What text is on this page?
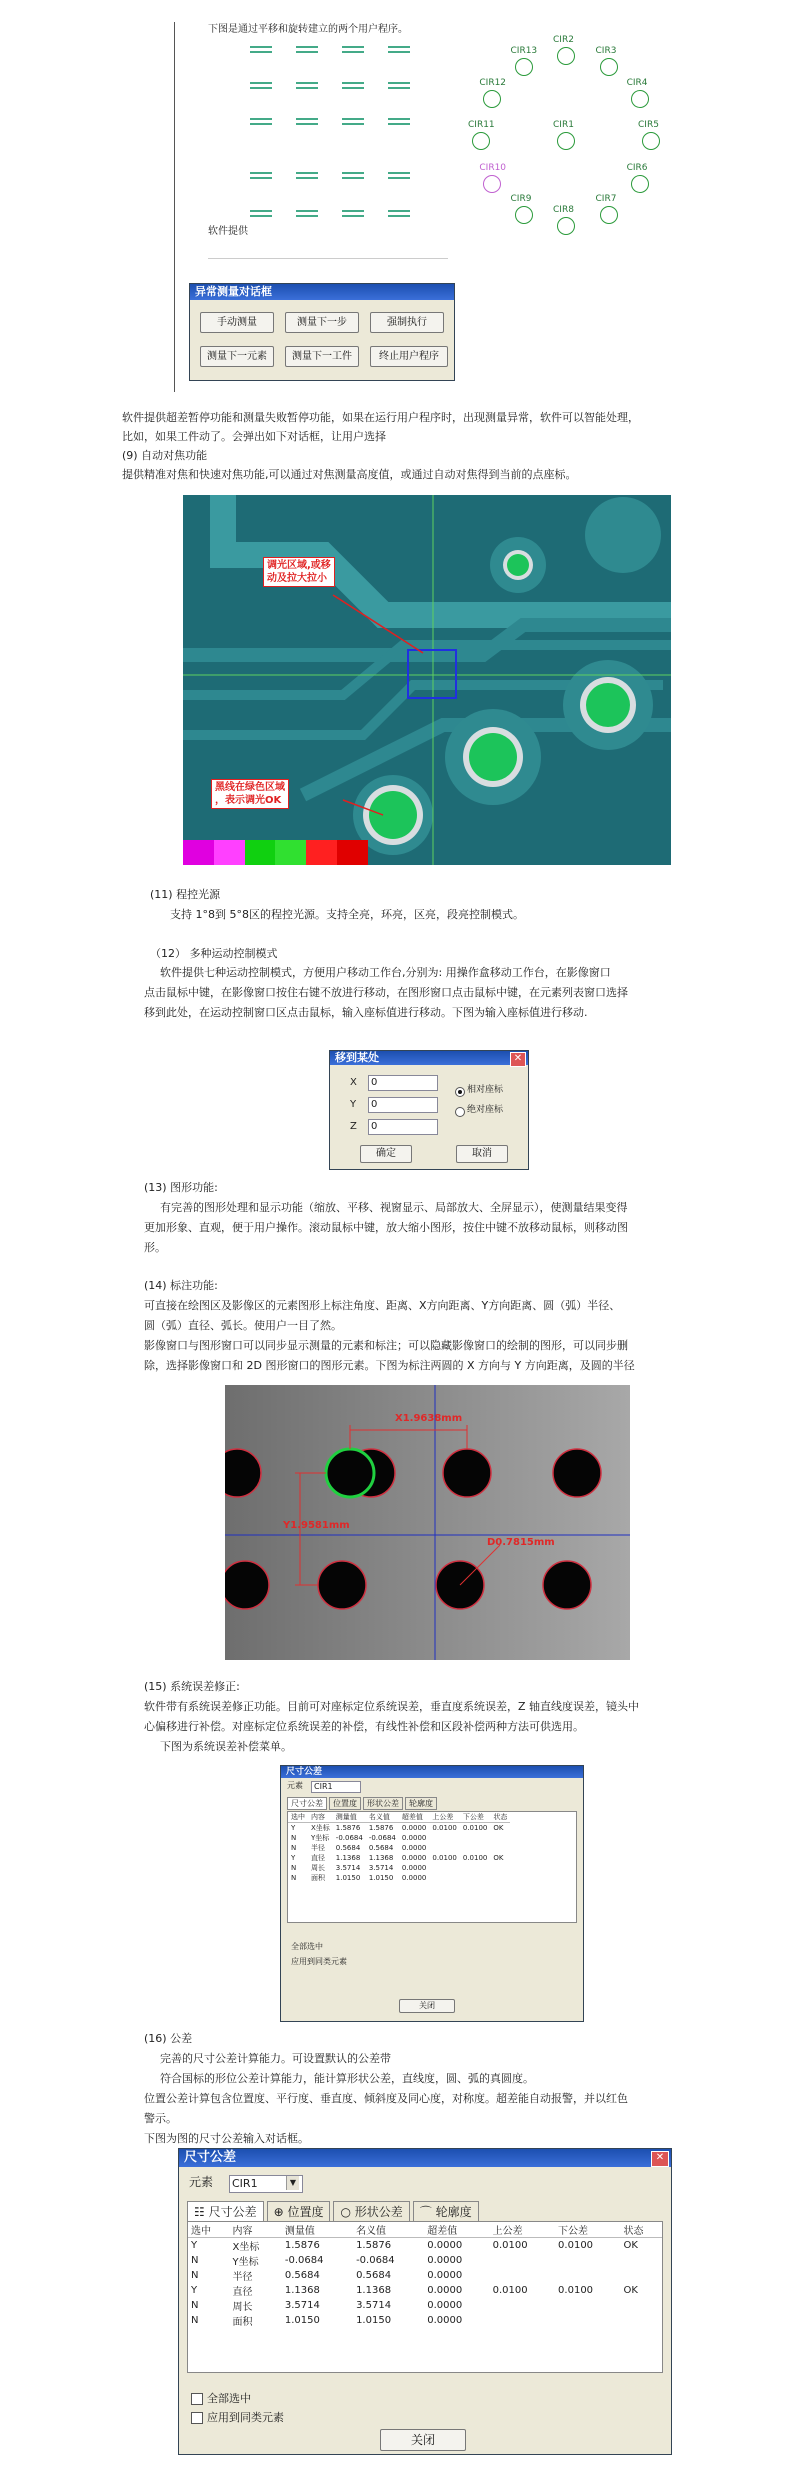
下图是通过平移和旋转建立的两个用户程序。
软件提供
CIR1
CIR2
CIR3
CIR4
CIR5
CIR6
CIR7
CIR8
CIR9
CIR10
CIR11
CIR12
CIR13
异常测量对话框
手动测量	测量下一步	强制执行
测量下一元素	测量下一工件	终止用户程序
软件提供超差暂停功能和测量失败暂停功能，如果在运行用户程序时，出现测量异常，软件可以智能处理，
比如，如果工件动了。会弹出如下对话框，让用户选择
(9) 自动对焦功能
提供精准对焦和快速对焦功能,可以通过对焦测量高度值，或通过自动对焦得到当前的点座标。
调光区域,或移
动及拉大拉小
黑线在绿色区域
，表示调光OK
(11) 程控光源
支持 1°8到 5°8区的程控光源。支持全亮，环亮，区亮，段亮控制模式。
（12） 多种运动控制模式
软件提供七种运动控制模式，方便用户移动工作台,分别为: 用操作盒移动工作台，在影像窗口
点击鼠标中键，在影像窗口按住右键不放进行移动，在图形窗口点击鼠标中键，在元素列表窗口选择
移到此处，在运动控制窗口区点击鼠标，输入座标值进行移动。下图为输入座标值进行移动.
移到某处	✕
X	0
Y	0
Z	0
相对座标
绝对座标
确定	取消
(13) 图形功能:
有完善的图形处理和显示功能（缩放、平移、视窗显示、局部放大、全屏显示），使测量结果变得
更加形象、直观，便于用户操作。滚动鼠标中键，放大缩小图形，按住中键不放移动鼠标，则移动图
形。
(14) 标注功能:
可直接在绘图区及影像区的元素图形上标注角度、距离、X方向距离、Y方向距离、圆（弧）半径、
圆（弧）直径、弧长。使用户一目了然。
影像窗口与图形窗口可以同步显示测量的元素和标注；可以隐藏影像窗口的绘制的图形，可以同步删
除，选择影像窗口和 2D 图形窗口的图形元素。下图为标注两圆的 X 方向与 Y 方向距离，及圆的半径
X1.9638mm
Y1.9581mm
D0.7815mm
(15) 系统误差修正:
软件带有系统误差修正功能。目前可对座标定位系统误差，垂直度系统误差，Z 轴直线度误差，镜头中
心偏移进行补偿。对座标定位系统误差的补偿，有线性补偿和区段补偿两种方法可供选用。
下图为系统误差补偿菜单。
尺寸公差
元素	CIR1
尺寸公差	位置度	形状公差	轮廓度
选中	内容	测量值	名义值	超差值	上公差	下公差	状态
Y	X坐标	1.5876	1.5876	0.0000	0.0100	0.0100	OK
N	Y坐标	-0.0684	-0.0684	0.0000			
N	半径	0.5684	0.5684	0.0000			
Y	直径	1.1368	1.1368	0.0000	0.0100	0.0100	OK
N	周长	3.5714	3.5714	0.0000			
N	面积	1.0150	1.0150	0.0000			
全部选中
应用到同类元素
关闭
(16) 公差
完善的尺寸公差计算能力。可设置默认的公差带
符合国标的形位公差计算能力，能计算形状公差，直线度，圆、弧的真圆度。
位置公差计算包含位置度、平行度、垂直度、倾斜度及同心度，对称度。超差能自动报警，并以红色
警示。
下图为图的尺寸公差输入对话框。
尺寸公差	✕
元素 CIR1	▼
☷ 尺寸公差	⊕ 位置度	○ 形状公差	⌒ 轮廓度
选中	内容	测量值	名义值	超差值	上公差	下公差	状态
Y	X坐标	1.5876	1.5876	0.0000	0.0100	0.0100	OK
N	Y坐标	-0.0684	-0.0684	0.0000			
N	半径	0.5684	0.5684	0.0000			
Y	直径	1.1368	1.1368	0.0000	0.0100	0.0100	OK
N	周长	3.5714	3.5714	0.0000			
N	面积	1.0150	1.0150	0.0000			
全部选中
应用到同类元素
关闭
